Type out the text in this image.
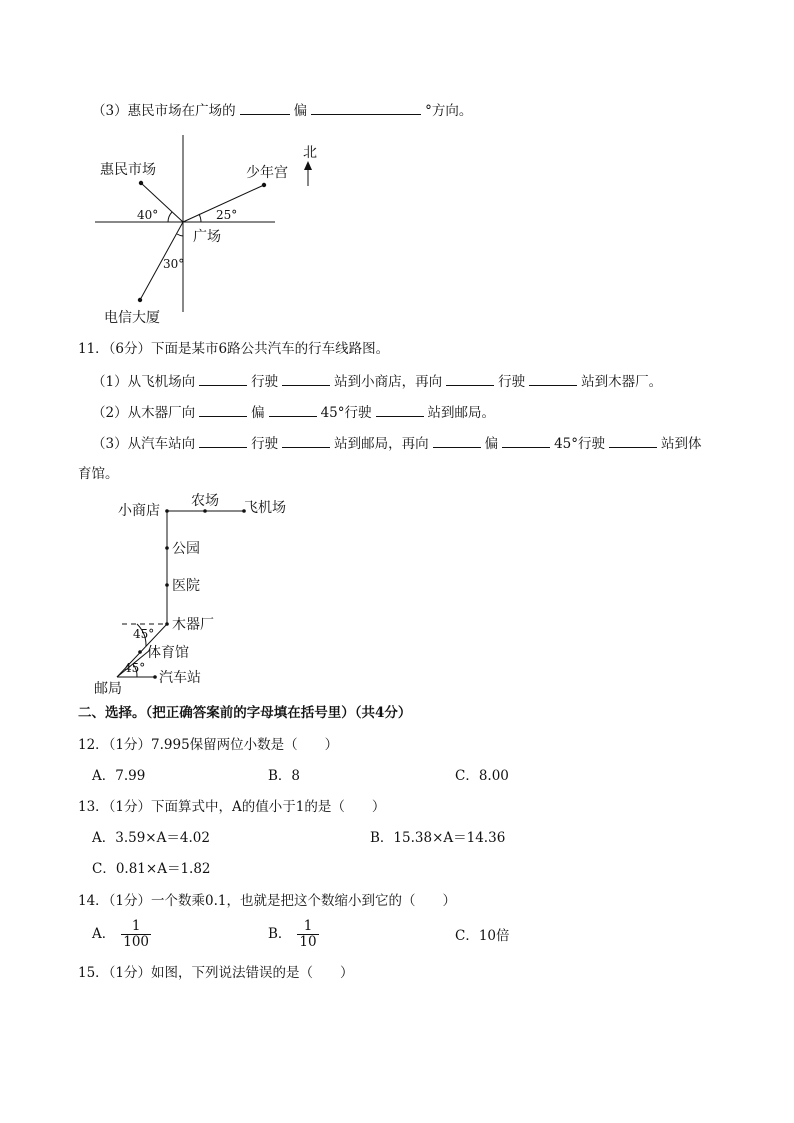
（3）惠民市场在广场的	偏	°方向。
北
惠民市场	少年宫
广场
电信大厦
40°	25°
30°
11．（6分）下面是某市6路公共汽车的行车线路图。
（1）从飞机场向	行驶	站到小商店，再向	行驶	站到木器厂。
（2）从木器厂向	偏	45°行驶	站到邮局。
（3）从汽车站向	行驶	站到邮局，再向	偏	45°行驶	站到体
育馆。
小商店
农场 飞机场
公园
医院
木器厂
体育馆
邮局
汽车站
45°
45°
二、选择。（把正确答案前的字母填在括号里）（共4分）
12．（1分）7.995保留两位小数是（　　）
A．7.99	B．8	C．8.00
13．（1分）下面算式中，A的值小于1的是（　　）
A．3.59×A＝4.02	B．15.38×A＝14.36
C．0.81×A＝1.82
14．（1分）一个数乘0.1，也就是把这个数缩小到它的（　　）
A． $\frac{1}{100}$	B． $\frac{1}{10}$	C．10倍
15．（1分）如图，下列说法错误的是（　　）
